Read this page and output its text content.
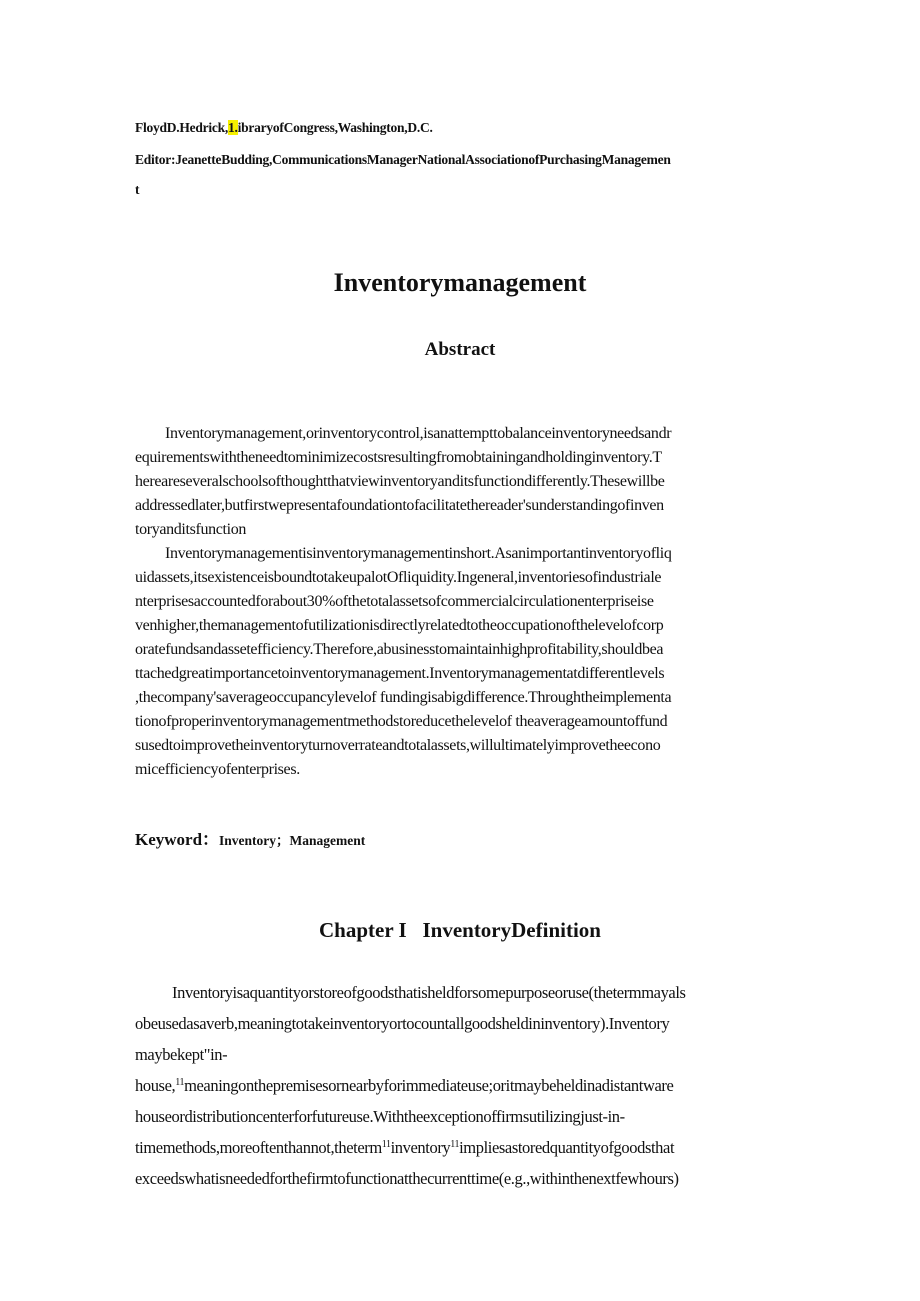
FloydD.Hedrick,1.ibraryofCongress,Washington,D.C.
Editor:JeanetteBudding,CommunicationsManagerNationalAssociationofPurchasingManagemen
t
Inventorymanagement
Abstract
Inventorymanagement,orinventorycontrol,isanattempttobalanceinventoryneedsandr
equirementswiththeneedtominimizecostsresultingfromobtainingandholdinginventory.T
hereareseveralschoolsofthoughtthatviewinventoryanditsfunctiondifferently.Thesewillbe
addressedlater,butfirstwepresentafoundationtofacilitatethereader'sunderstandingofinven
toryanditsfunction
Inventorymanagementisinventorymanagementinshort.Asanimportantinventoryofliq
uidassets,itsexistenceisboundtotakeupalotOfliquidity.Ingeneral,inventoriesofindustriale
nterprisesaccountedforabout30%ofthetotalassetsofcommercialcirculationenterpriseise
venhigher,themanagementofutilizationisdirectlyrelatedtotheoccupationofthelevelofcorp
oratefundsandassetefficiency.Therefore,abusinesstomaintainhighprofitability,shouldbea
ttachedgreatimportancetoinventorymanagement.Inventorymanagementatdifferentlevels
,thecompany'saverageoccupancylevelof fundingisabigdifference.Throughtheimplementa
tionofproperinventorymanagementmethodstoreducethelevelof theaverageamountoffund
susedtoimprovetheinventoryturnoverrateandtotalassets,willultimatelyimprovetheecono
micefficiencyofenterprises.
Keyword：Inventory；Management
Chapter I   InventoryDefinition
Inventoryisaquantityorstoreofgoodsthatisheldforsomepurposeoruse(thetermmayals
obeusedasaverb,meaningtotakeinventoryortocountallgoodsheldininventory).Inventory
maybekept"in-
house,$^{11}$meaningonthepremisesornearbyforimmediateuse;oritmaybeheldinadistantware
houseordistributioncenterforfutureuse.Withtheexceptionoffirmsutilizingjust-in-
timemethods,moreoftenthannot,theterm$^{11}$inventory$^{11}$impliesastoredquantityofgoodsthat
exceedswhatisneededforthefirmtofunctionatthecurrenttime(e.g.,withinthenextfewhours)
